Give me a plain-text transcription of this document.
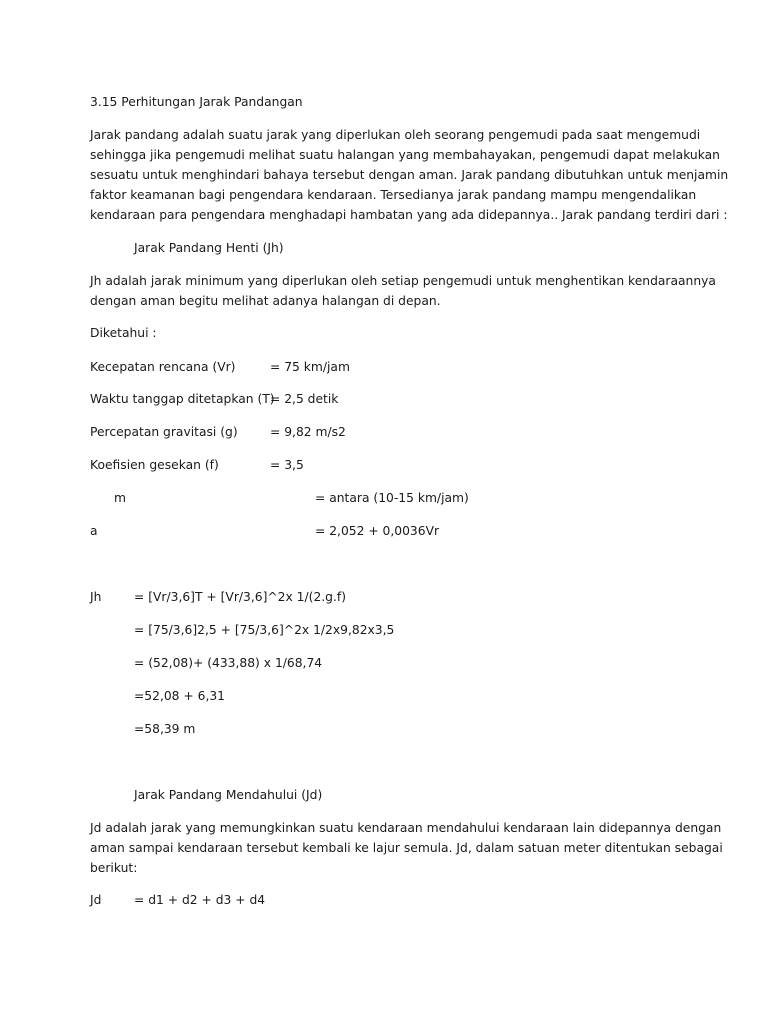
3.15 Perhitungan Jarak Pandangan
Jarak pandang adalah suatu jarak yang diperlukan oleh seorang pengemudi pada saat mengemudi
sehingga jika pengemudi melihat suatu halangan yang membahayakan, pengemudi dapat melakukan
sesuatu untuk menghindari bahaya tersebut dengan aman. Jarak pandang dibutuhkan untuk menjamin
faktor keamanan bagi pengendara kendaraan. Tersedianya jarak pandang mampu mengendalikan
kendaraan para pengendara menghadapi hambatan yang ada didepannya.. Jarak pandang terdiri dari :
Jarak Pandang Henti (Jh)
Jh adalah jarak minimum yang diperlukan oleh setiap pengemudi untuk menghentikan kendaraannya
dengan aman begitu melihat adanya halangan di depan.
Diketahui :
Kecepatan rencana (Vr)	= 75 km/jam
Waktu tanggap ditetapkan (T)
= 2,5 detik
Percepatan gravitasi (g)	= 9,82 m/s2
Koefisien gesekan (f)	= 3,5
m	= antara (10-15 km/jam)
a	= 2,052 + 0,0036Vr
Jh	= [Vr/3,6]T + [Vr/3,6]^2x 1/(2.g.f)
= [75/3,6]2,5 + [75/3,6]^2x 1/2x9,82x3,5
= (52,08)+ (433,88) x 1/68,74
=52,08 + 6,31
=58,39 m
Jarak Pandang Mendahului (Jd)
Jd adalah jarak yang memungkinkan suatu kendaraan mendahului kendaraan lain didepannya dengan
aman sampai kendaraan tersebut kembali ke lajur semula. Jd, dalam satuan meter ditentukan sebagai
berikut:
Jd	= d1 + d2 + d3 + d4
